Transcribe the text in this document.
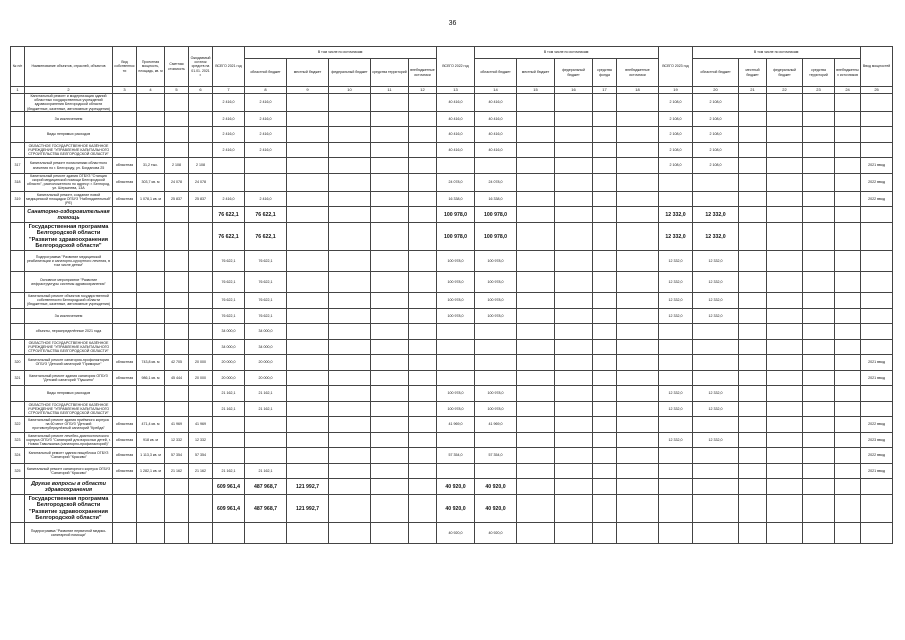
36
№ п/п	Наименование объектов, отраслей, объектов	Вид собственности	Проектная мощность, площадь, кв. м	Сметная стоимость	Ожидаемый остаток средств на 01.01. 2021 г.	ВСЕГО 2021 год	В том числе по источникам:					ВСЕГО 2022 год	В том числе по источникам:					ВСЕГО 2023 год	В том числе по источникам:					Ввод мощностей
							областной бюджет	местный бюджет	федеральный бюджет	средства территорий	внебюджетные источники		областной бюджет	местный бюджет	федеральный бюджет	средства фонда	внебюджетные источники		областной бюджет	местный бюджет	федеральный бюджет	средства территорий	внебюджетных источников	
1	2	3	4	5	6	7	8	9	10	11	12	13	14	15	16	17	18	19	20	21	22	23	24	25
	Капитальный ремонт и модернизация зданий областных государственных учреждений здравоохранения Белгородской области (бюджетные, казенные, автономные учреждения)					2 416,0	2 416,0					40 416,0	40 416,0					2 108,0	2 108,0					
	За исключением					2 416,0	2 416,0					40 416,0	40 416,0					2 108,0	2 108,0					
	Виды непрямых расходов					2 416,0	2 416,0					40 416,0	40 416,0					2 108,0	2 108,0					
	ОБЛАСТНОЕ ГОСУДАРСТВЕННОЕ КАЗЁННОЕ УЧРЕЖДЕНИЕ "УПРАВЛЕНИЕ КАПИТАЛЬНОГО СТРОИТЕЛЬСТВА БЕЛГОРОДСКОЙ ОБЛАСТИ"					2 416,0	2 416,0					40 416,0	40 416,0					2 108,0	2 108,0					
317	Капитальный ремонт поликлиники областного значения по г. Белгороду, ул. Богданова 25	областная	31,2 тыс.	2 108	2 108													2 108,0	2 108,0					2021 ввод
318	Капитальный ремонт здания ОГБУЗ "Станция скорой медицинской помощи Белгородской области", расположенного по адресу: г. Белгород, ул. Шершнева, 13А	областная	303,7 кв. м	24 078	24 078							24 078,0	24 078,0											2022 ввод
319	Капитальный ремонт, создание новой медицинской площадки ОГБУЗ "Наблюдательный" (РЕ)	областная	1 078,1 кв. м	25 837	25 837	2 416,0	2 416,0					16 338,0	16 338,0											2022 ввод
	Санаторно-оздоровительная помощь					76 622,1	76 622,1					100 978,0	100 978,0					12 332,0	12 332,0					
	Государственная программа Белгородской области "Развитие здравоохранения Белгородской области"					76 622,1	76 622,1					100 978,0	100 978,0					12 332,0	12 332,0					
	Подпрограмма "Развитие медицинской реабилитации и санаторно-курортного лечения, в том числе детям"					76 622,1	76 622,1					100 978,0	100 978,0					12 332,0	12 332,0					
	Основное мероприятие "Развитие инфраструктуры системы здравоохранения"					76 622,1	76 622,1					100 978,0	100 978,0					12 332,0	12 332,0					
	Капитальный ремонт объектов государственной собственности Белгородской области (бюджетные, казенные, автономные учреждения)					76 622,1	76 622,1					100 978,0	100 978,0					12 332,0	12 332,0					
	За исключением					76 622,1	76 622,1					100 978,0	100 978,0					12 332,0	12 332,0					
	объекты, нераспределённые 2021 года					34 000,0	34 000,0																	
	ОБЛАСТНОЕ ГОСУДАРСТВЕННОЕ КАЗЁННОЕ УЧРЕЖДЕНИЕ "УПРАВЛЕНИЕ КАПИТАЛЬНОГО СТРОИТЕЛЬСТВА БЕЛГОРОДСКОЙ ОБЛАСТИ"					34 000,0	34 000,0																	
320	Капитальный ремонт санатория-профилактория ОГБУЗ "Детский санаторий "Приморье"	областная	743,8 кв. м	42 705	20 000	20 000,0	20 000,0																	2021 ввод
321	Капитальный ремонт здания санатория ОГБУЗ "Детский санаторий "Пушкино"	областная	986,1 кв. м	45 444	20 000	20 000,0	20 000,0																	2021 ввод
	Виды непрямых расходов					21 162,1	21 162,1					100 978,0	100 978,0					12 332,0	12 332,0					
	ОБЛАСТНОЕ ГОСУДАРСТВЕННОЕ КАЗЁННОЕ УЧРЕЖДЕНИЕ "УПРАВЛЕНИЕ КАПИТАЛЬНОГО СТРОИТЕЛЬСТВА БЕЛГОРОДСКОЙ ОБЛАСТИ"					21 162,1	21 162,1					100 978,0	100 978,0					12 332,0	12 332,0					
322	Капитальный ремонт здания приёмного корпуса на 60 мест ОГБУЗ "Детский противотуберкулёзный санаторий "Крейда"	областная	471,4 кв. м	41 969	41 969							41 969,0	41 969,0											2022 ввод
323	Капитальный ремонт лечебно-диагностического корпуса ОГБУЗ "Санаторий для взрослых детей, г. Новая Таволжанка (санаторно-профилакторий)"	областная	918 кв. м	12 332	12 332													12 332,0	12 332,0					2023 ввод
324	Капитальный ремонт здания пищеблока ОГБУЗ "Санаторий "Красиво"	областная	1 113,3 кв. м	57 354	57 354							57 354,0	57 354,0											2022 ввод
325	Капитальный ремонт санаторного корпуса ОГБУЗ "Санаторий "Красиво"	областная	1 282,1 кв. м	21 162	21 162	21 162,1	21 162,1																	2021 ввод
	Другие вопросы в области здравоохранения					609 961,4	487 968,7	121 992,7				40 920,0	40 920,0											
	Государственная программа Белгородской области "Развитие здравоохранения Белгородской области"					609 961,4	487 968,7	121 992,7				40 920,0	40 920,0											
	Подпрограмма "Развитие первичной медико-санитарной помощи"											40 920,0	40 920,0											
